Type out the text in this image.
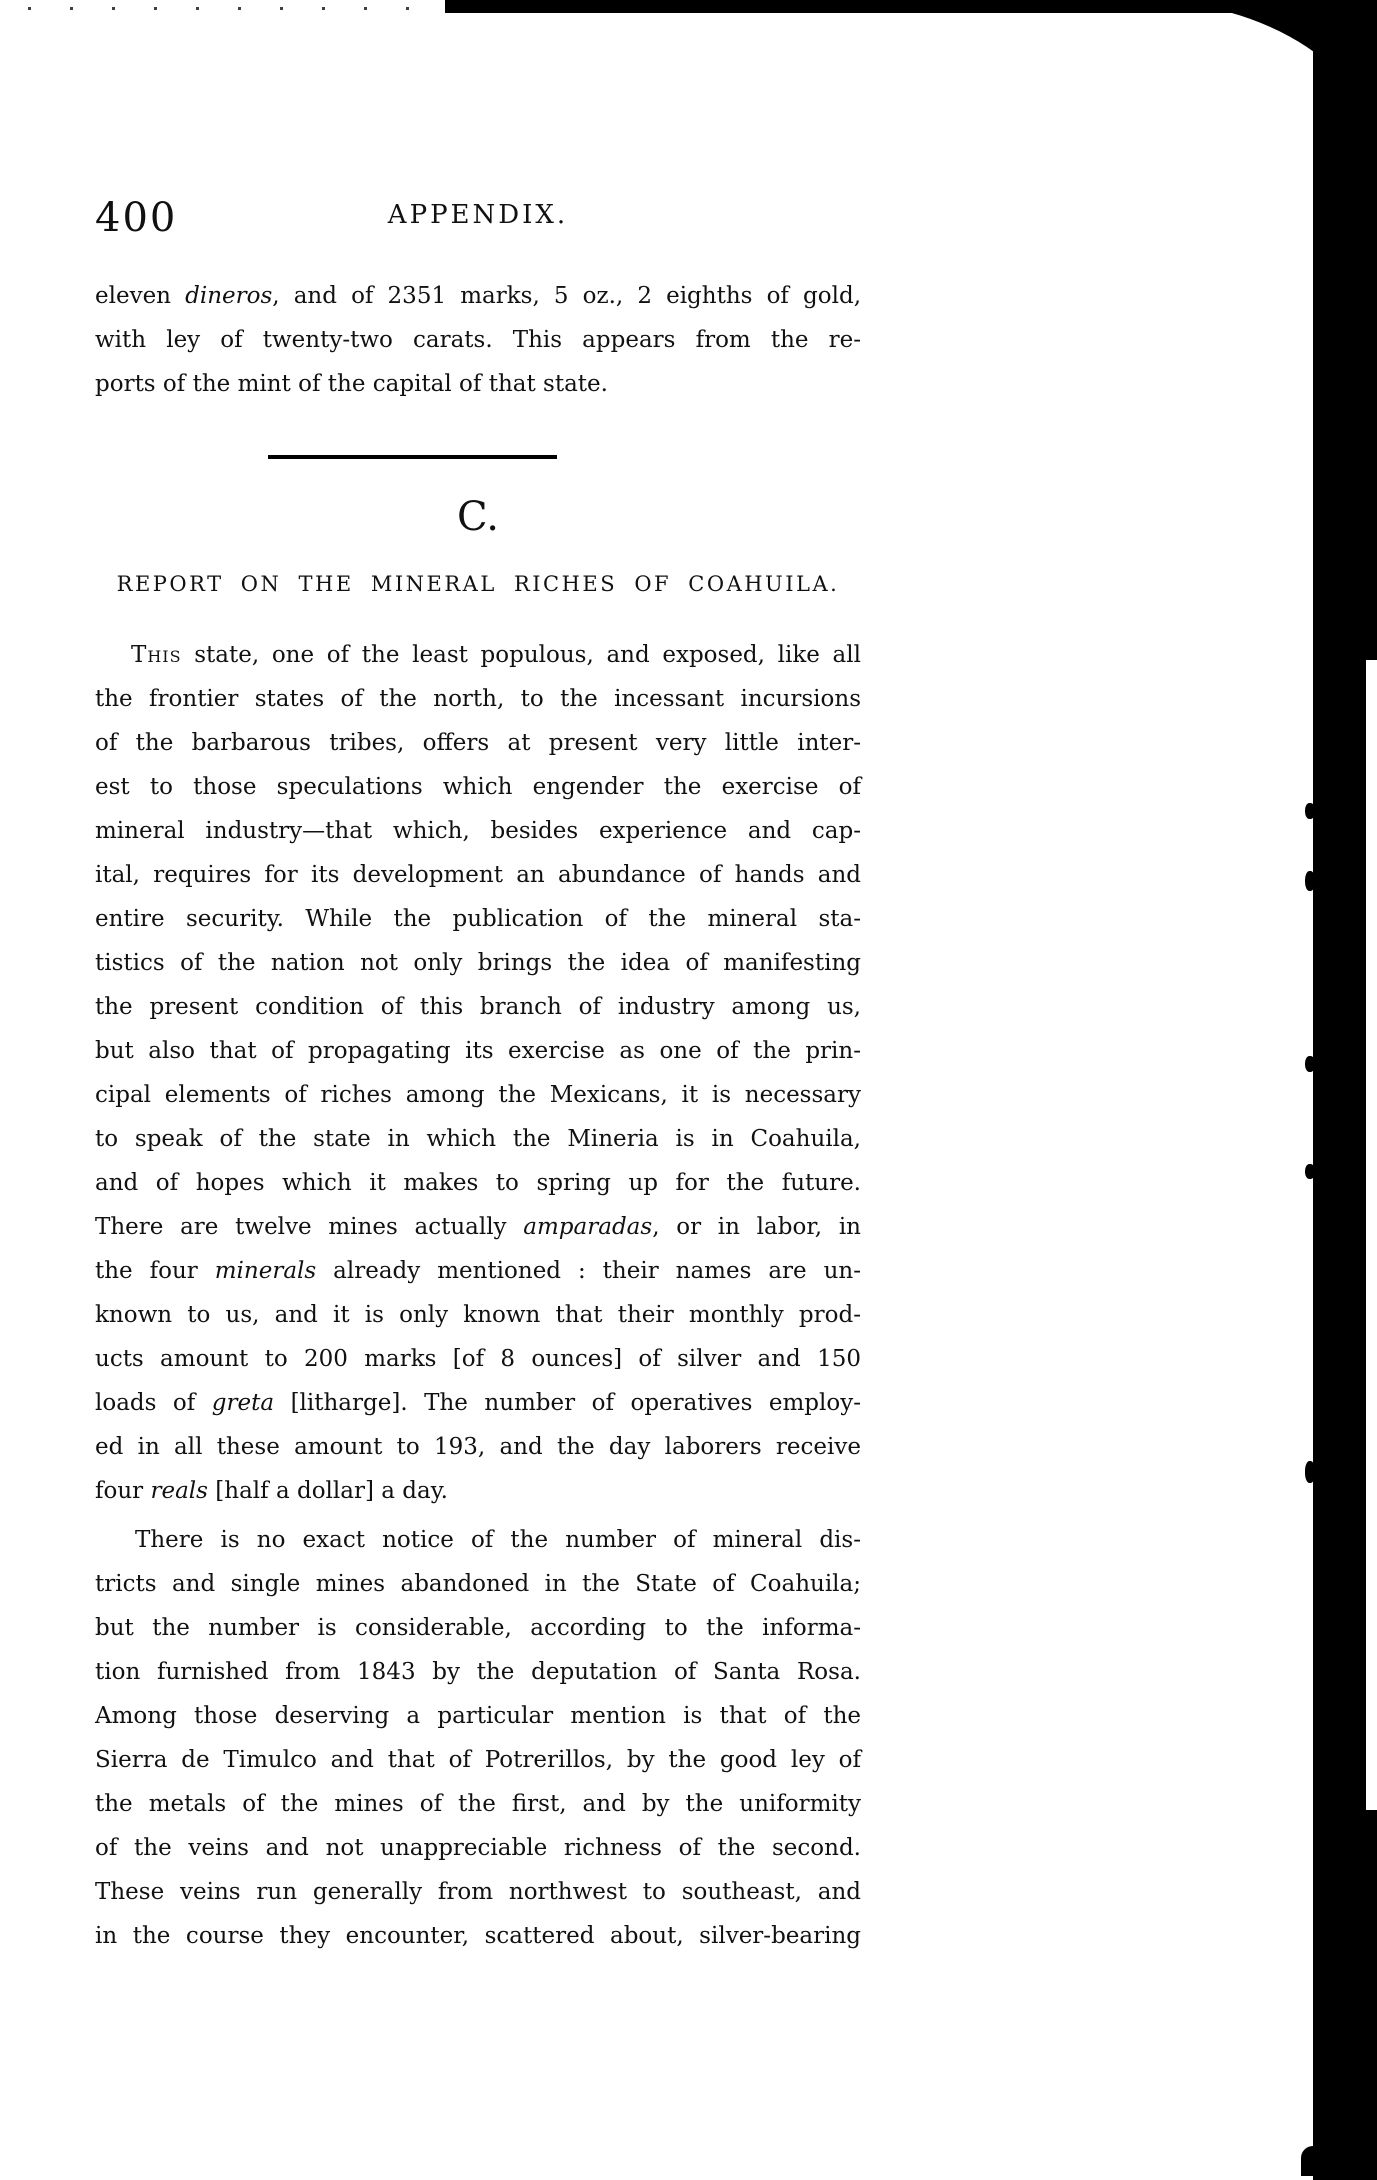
400	APPENDIX.
eleven dineros, and of 2351 marks, 5 oz., 2 eighths of gold,
with ley of twenty-two carats. This appears from the re-
ports of the mint of the capital of that state.
C.
REPORT ON THE MINERAL RICHES OF COAHUILA.
This state, one of the least populous, and exposed, like all
the frontier states of the north, to the incessant incursions
of the barbarous tribes, offers at present very little inter-
est to those speculations which engender the exercise of
mineral industry—that which, besides experience and cap-
ital, requires for its development an abundance of hands and
entire security. While the publication of the mineral sta-
tistics of the nation not only brings the idea of manifesting
the present condition of this branch of industry among us,
but also that of propagating its exercise as one of the prin-
cipal elements of riches among the Mexicans, it is necessary
to speak of the state in which the Mineria is in Coahuila,
and of hopes which it makes to spring up for the future.
There are twelve mines actually amparadas, or in labor, in
the four minerals already mentioned : their names are un-
known to us, and it is only known that their monthly prod-
ucts amount to 200 marks [of 8 ounces] of silver and 150
loads of greta [litharge]. The number of operatives employ-
ed in all these amount to 193, and the day laborers receive
four reals [half a dollar] a day.
There is no exact notice of the number of mineral dis-
tricts and single mines abandoned in the State of Coahuila;
but the number is considerable, according to the informa-
tion furnished from 1843 by the deputation of Santa Rosa.
Among those deserving a particular mention is that of the
Sierra de Timulco and that of Potrerillos, by the good ley of
the metals of the mines of the first, and by the uniformity
of the veins and not unappreciable richness of the second.
These veins run generally from northwest to southeast, and
in the course they encounter, scattered about, silver-bearing
